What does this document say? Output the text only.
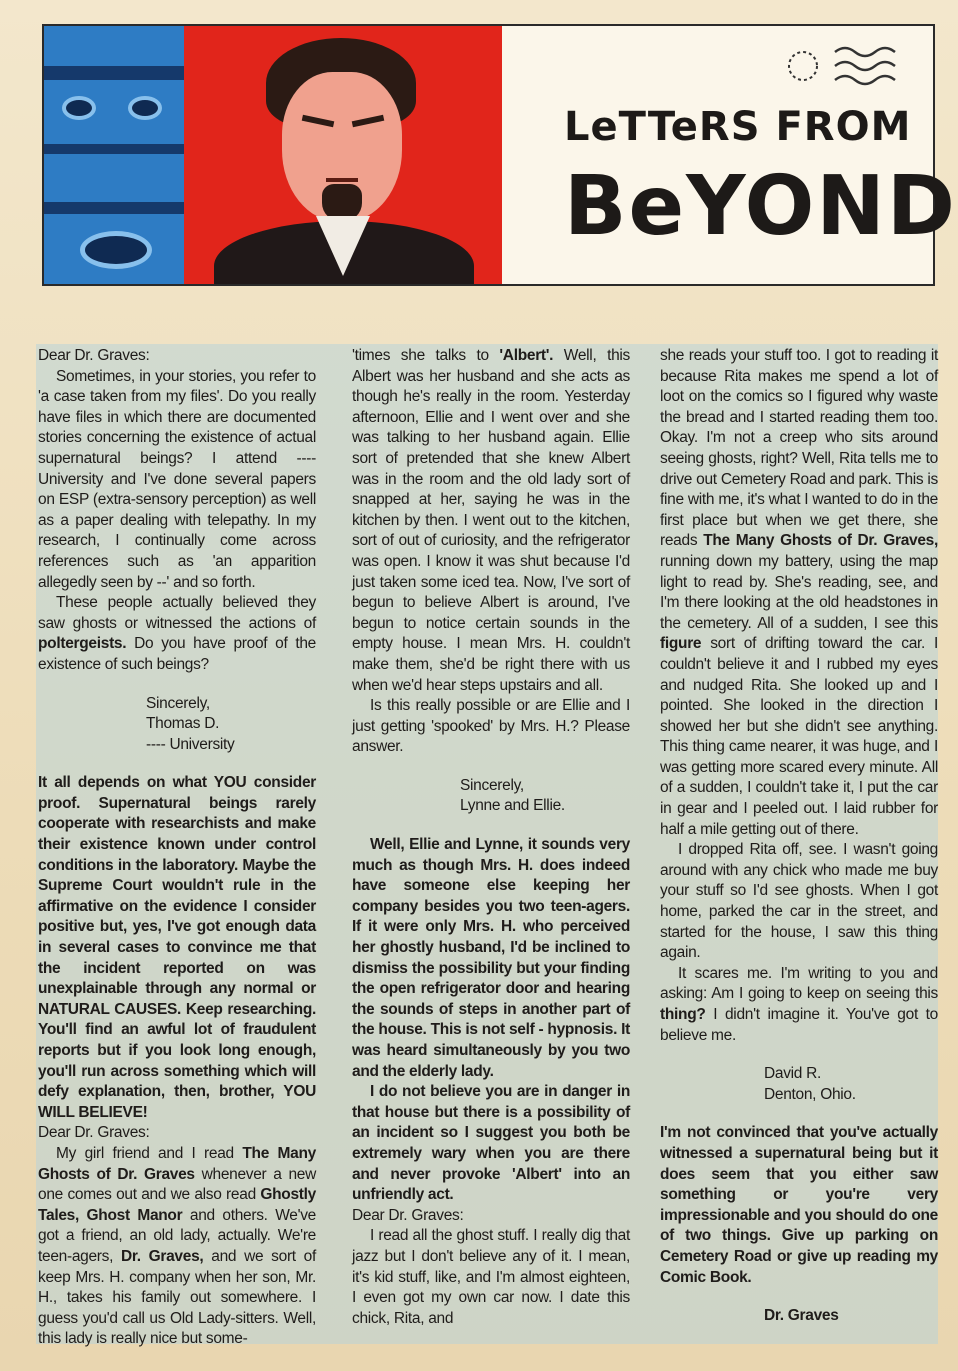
LeTTeRS FROM
BeYOND

Dear Dr. Graves:

Sometimes, in your stories, you refer to 'a case taken from my files'. Do you really have files in which there are documented stories concerning the existence of actual supernatural beings? I attend ---- University and I've done several papers on ESP (extra-sensory perception) as well as a paper dealing with telepathy. In my research, I continually come across references such as 'an apparition allegedly seen by --' and so forth.

These people actually believed they saw ghosts or witnessed the actions of poltergeists. Do you have proof of the existence of such beings?

Sincerely,
Thomas D.
---- University

It all depends on what YOU consider proof. Supernatural beings rarely cooperate with researchists and make their existence known under control conditions in the laboratory. Maybe the Supreme Court wouldn't rule in the affirmative on the evidence I consider positive but, yes, I've got enough data in several cases to convince me that the incident reported on was unexplainable through any normal or NATURAL CAUSES. Keep researching. You'll find an awful lot of fraudulent reports but if you look long enough, you'll run across something which will defy explanation, then, brother, YOU WILL BELIEVE!

Dear Dr. Graves:

My girl friend and I read The Many Ghosts of Dr. Graves whenever a new one comes out and we also read Ghostly Tales, Ghost Manor and others. We've got a friend, an old lady, actually. We're teen-agers, Dr. Graves, and we sort of keep Mrs. H. company when her son, Mr. H., takes his family out somewhere. I guess you'd call us Old Lady-sitters. Well, this lady is really nice but some-

'times she talks to 'Albert'. Well, this Albert was her husband and she acts as though he's really in the room. Yesterday afternoon, Ellie and I went over and she was talking to her husband again. Ellie sort of pretended that she knew Albert was in the room and the old lady sort of snapped at her, saying he was in the kitchen by then. I went out to the kitchen, sort of out of curiosity, and the refrigerator was open. I know it was shut because I'd just taken some iced tea. Now, I've sort of begun to believe Albert is around, I've begun to notice certain sounds in the empty house. I mean Mrs. H. couldn't make them, she'd be right there with us when we'd hear steps upstairs and all.

Is this really possible or are Ellie and I just getting 'spooked' by Mrs. H.? Please answer.

Sincerely,
Lynne and Ellie.

Well, Ellie and Lynne, it sounds very much as though Mrs. H. does indeed have someone else keeping her company besides you two teen-agers. If it were only Mrs. H. who perceived her ghostly husband, I'd be inclined to dismiss the possibility but your finding the open refrigerator door and hearing the sounds of steps in another part of the house. This is not self - hypnosis. It was heard simultaneously by you two and the elderly lady.

I do not believe you are in danger in that house but there is a possibility of an incident so I suggest you both be extremely wary when you are there and never provoke 'Albert' into an unfriendly act.

Dear Dr. Graves:

I read all the ghost stuff. I really dig that jazz but I don't believe any of it. I mean, it's kid stuff, like, and I'm almost eighteen, I even got my own car now. I date this chick, Rita, and

she reads your stuff too. I got to reading it because Rita makes me spend a lot of loot on the comics so I figured why waste the bread and I started reading them too. Okay. I'm not a creep who sits around seeing ghosts, right? Well, Rita tells me to drive out Cemetery Road and park. This is fine with me, it's what I wanted to do in the first place but when we get there, she reads The Many Ghosts of Dr. Graves, running down my battery, using the map light to read by. She's reading, see, and I'm there looking at the old headstones in the cemetery. All of a sudden, I see this figure sort of drifting toward the car. I couldn't believe it and I rubbed my eyes and nudged Rita. She looked up and I pointed. She looked in the direction I showed her but she didn't see anything. This thing came nearer, it was huge, and I was getting more scared every minute. All of a sudden, I couldn't take it, I put the car in gear and I peeled out. I laid rubber for half a mile getting out of there.

I dropped Rita off, see. I wasn't going around with any chick who made me buy your stuff so I'd see ghosts. When I got home, parked the car in the street, and started for the house, I saw this thing again.

It scares me. I'm writing to you and asking: Am I going to keep on seeing this thing? I didn't imagine it. You've got to believe me.

David R.
Denton, Ohio.

I'm not convinced that you've actually witnessed a supernatural being but it does seem that you either saw something or you're very impressionable and you should do one of two things. Give up parking on Cemetery Road or give up reading my Comic Book.

Dr. Graves
